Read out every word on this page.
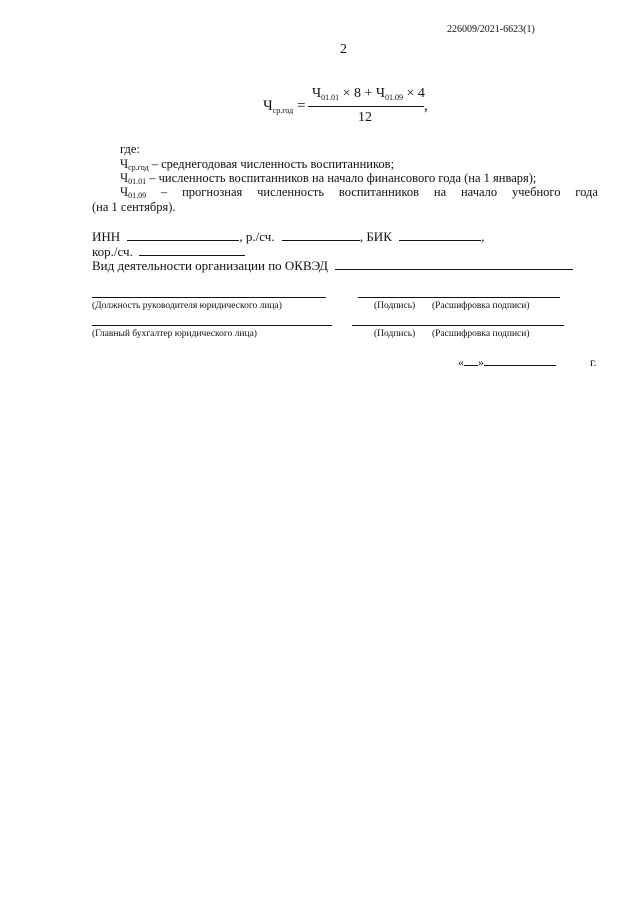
226009/2021-6623(1)
2
$Ч_{ср.год}$ =
$Ч_{01.01} \times 8 + Ч_{01.09} \times 4$
12
,
где:
$Ч_{ср.год}$ – среднегодовая численность воспитанников;
$Ч_{01.01}$ – численность воспитанников на начало финансового года (на 1 января);
$Ч_{01.09}$ – прогнозная численность воспитанников на начало учебного года
(на 1 сентября).
ИНН	, р./сч.	, БИК	,
кор./сч.
Вид деятельности организации по ОКВЭД
(Должность руководителя юридического лица)	(Подпись) (Расшифровка подписи)
(Главный бухгалтер юридического лица)	(Подпись) (Расшифровка подписи)
« »	г.
